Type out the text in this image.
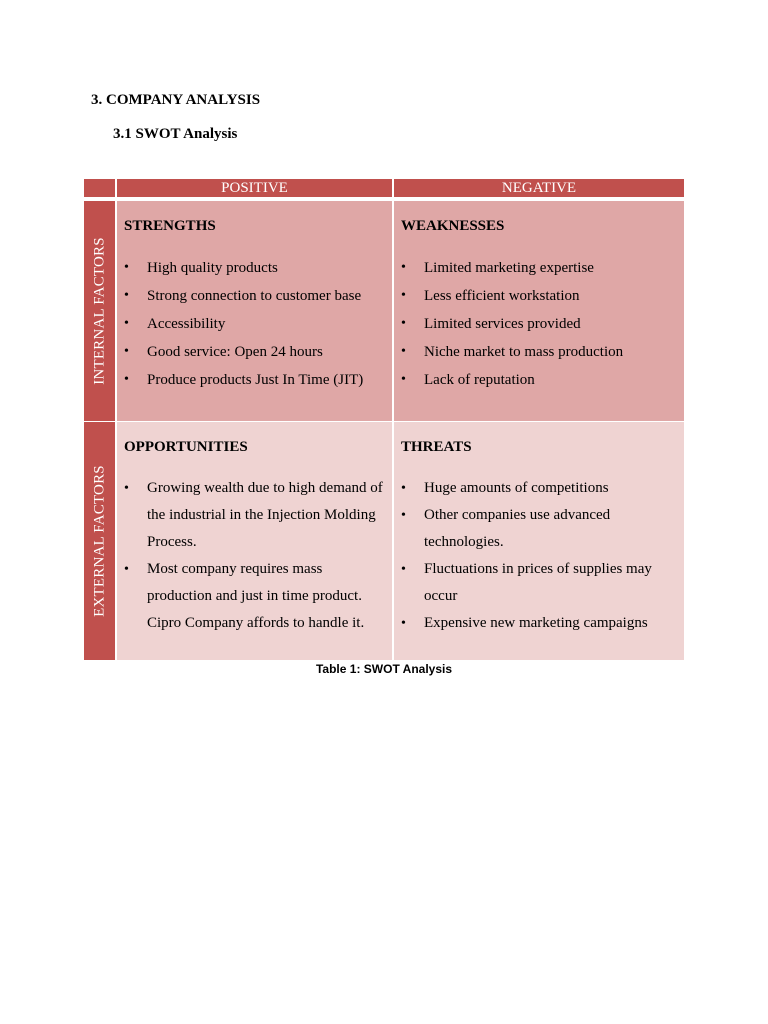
3. COMPANY ANALYSIS
3.1 SWOT Analysis
POSITIVE	NEGATIVE
INTERNAL FACTORS
EXTERNAL FACTORS

STRENGTHS

• High quality products
• Strong connection to customer base
• Accessibility
• Good service: Open 24 hours
• Produce products Just In Time (JIT)

WEAKNESSES

• Limited marketing expertise
• Less efficient workstation
• Limited services provided
• Niche market to mass production
• Lack of reputation

OPPORTUNITIES

• Growing wealth due to high demand of the industrial in the Injection Molding Process.
• Most company requires mass production and just in time product. Cipro Company affords to handle it.

THREATS

• Huge amounts of competitions
• Other companies use advanced technologies.
• Fluctuations in prices of supplies may occur
• Expensive new marketing campaigns
Table 1: SWOT Analysis
